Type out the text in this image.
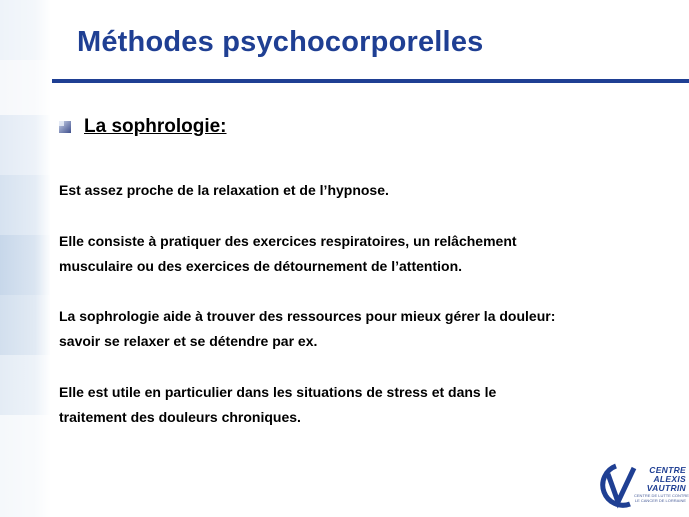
Méthodes psychocorporelles
La sophrologie:

Est assez proche de la relaxation et de l’hypnose.

Elle consiste à pratiquer des exercices respiratoires, un relâchement
musculaire ou des exercices de détournement de l’attention.

La sophrologie aide à trouver des ressources pour mieux gérer la douleur:
savoir se relaxer et se détendre par ex.

Elle est utile en particulier dans les situations de stress et dans le
traitement des douleurs chroniques.

CENTRE
ALEXIS
VAUTRIN
CENTRE DE LUTTE CONTRE
LE CANCER DE LORRAINE
